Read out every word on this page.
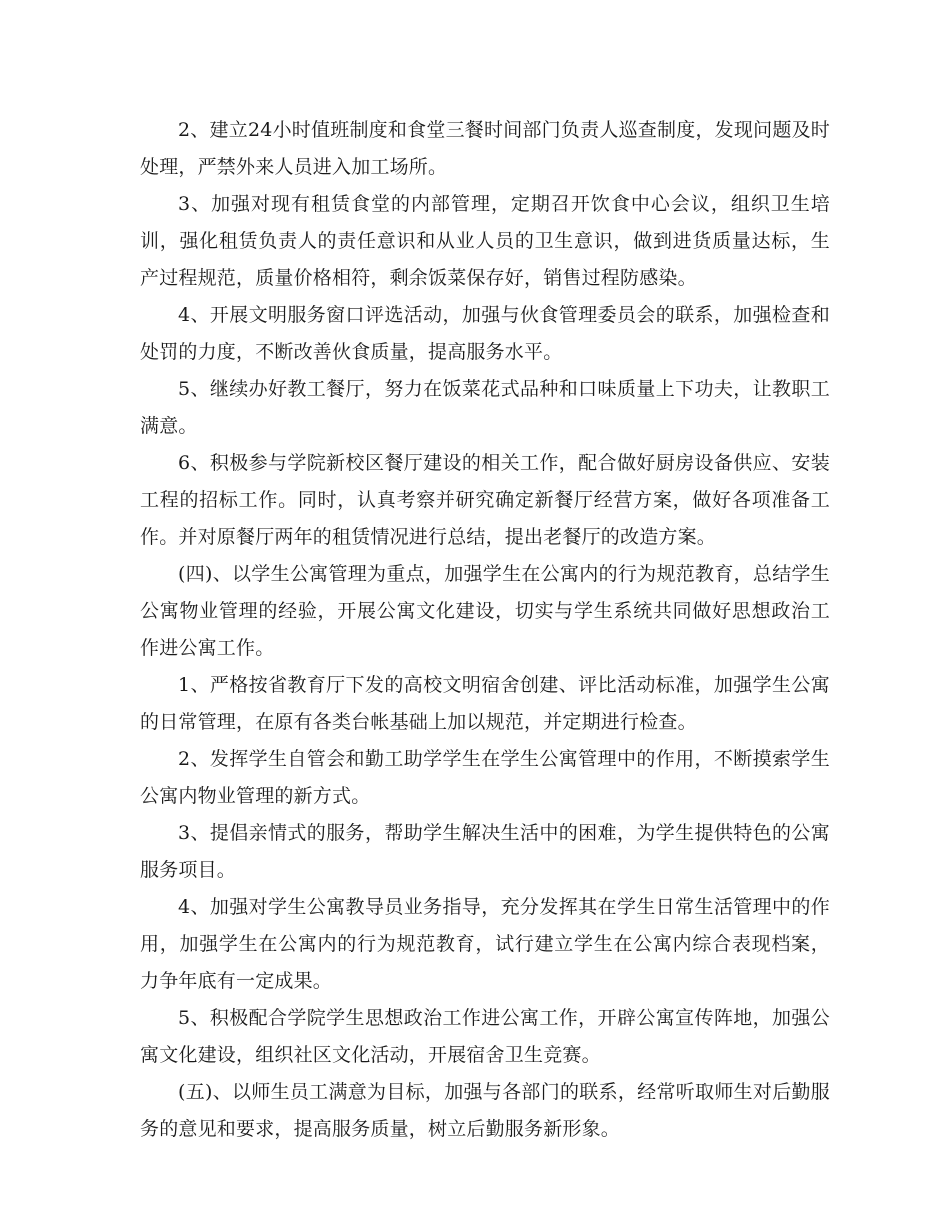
2、建立24小时值班制度和食堂三餐时间部门负责人巡查制度，发现问题及时处理，严禁外来人员进入加工场所。

3、加强对现有租赁食堂的内部管理，定期召开饮食中心会议，组织卫生培训，强化租赁负责人的责任意识和从业人员的卫生意识，做到进货质量达标，生产过程规范，质量价格相符，剩余饭菜保存好，销售过程防感染。

4、开展文明服务窗口评选活动，加强与伙食管理委员会的联系，加强检查和处罚的力度，不断改善伙食质量，提高服务水平。

5、继续办好教工餐厅，努力在饭菜花式品种和口味质量上下功夫，让教职工满意。

6、积极参与学院新校区餐厅建设的相关工作，配合做好厨房设备供应、安装工程的招标工作。同时，认真考察并研究确定新餐厅经营方案，做好各项准备工作。并对原餐厅两年的租赁情况进行总结，提出老餐厅的改造方案。

(四)、以学生公寓管理为重点，加强学生在公寓内的行为规范教育，总结学生公寓物业管理的经验，开展公寓文化建设，切实与学生系统共同做好思想政治工作进公寓工作。

1、严格按省教育厅下发的高校文明宿舍创建、评比活动标准，加强学生公寓的日常管理，在原有各类台帐基础上加以规范，并定期进行检查。

2、发挥学生自管会和勤工助学学生在学生公寓管理中的作用，不断摸索学生公寓内物业管理的新方式。

3、提倡亲情式的服务，帮助学生解决生活中的困难，为学生提供特色的公寓服务项目。

4、加强对学生公寓教导员业务指导，充分发挥其在学生日常生活管理中的作用，加强学生在公寓内的行为规范教育，试行建立学生在公寓内综合表现档案，力争年底有一定成果。

5、积极配合学院学生思想政治工作进公寓工作，开辟公寓宣传阵地，加强公寓文化建设，组织社区文化活动，开展宿舍卫生竞赛。

(五)、以师生员工满意为目标，加强与各部门的联系，经常听取师生对后勤服务的意见和要求，提高服务质量，树立后勤服务新形象。
